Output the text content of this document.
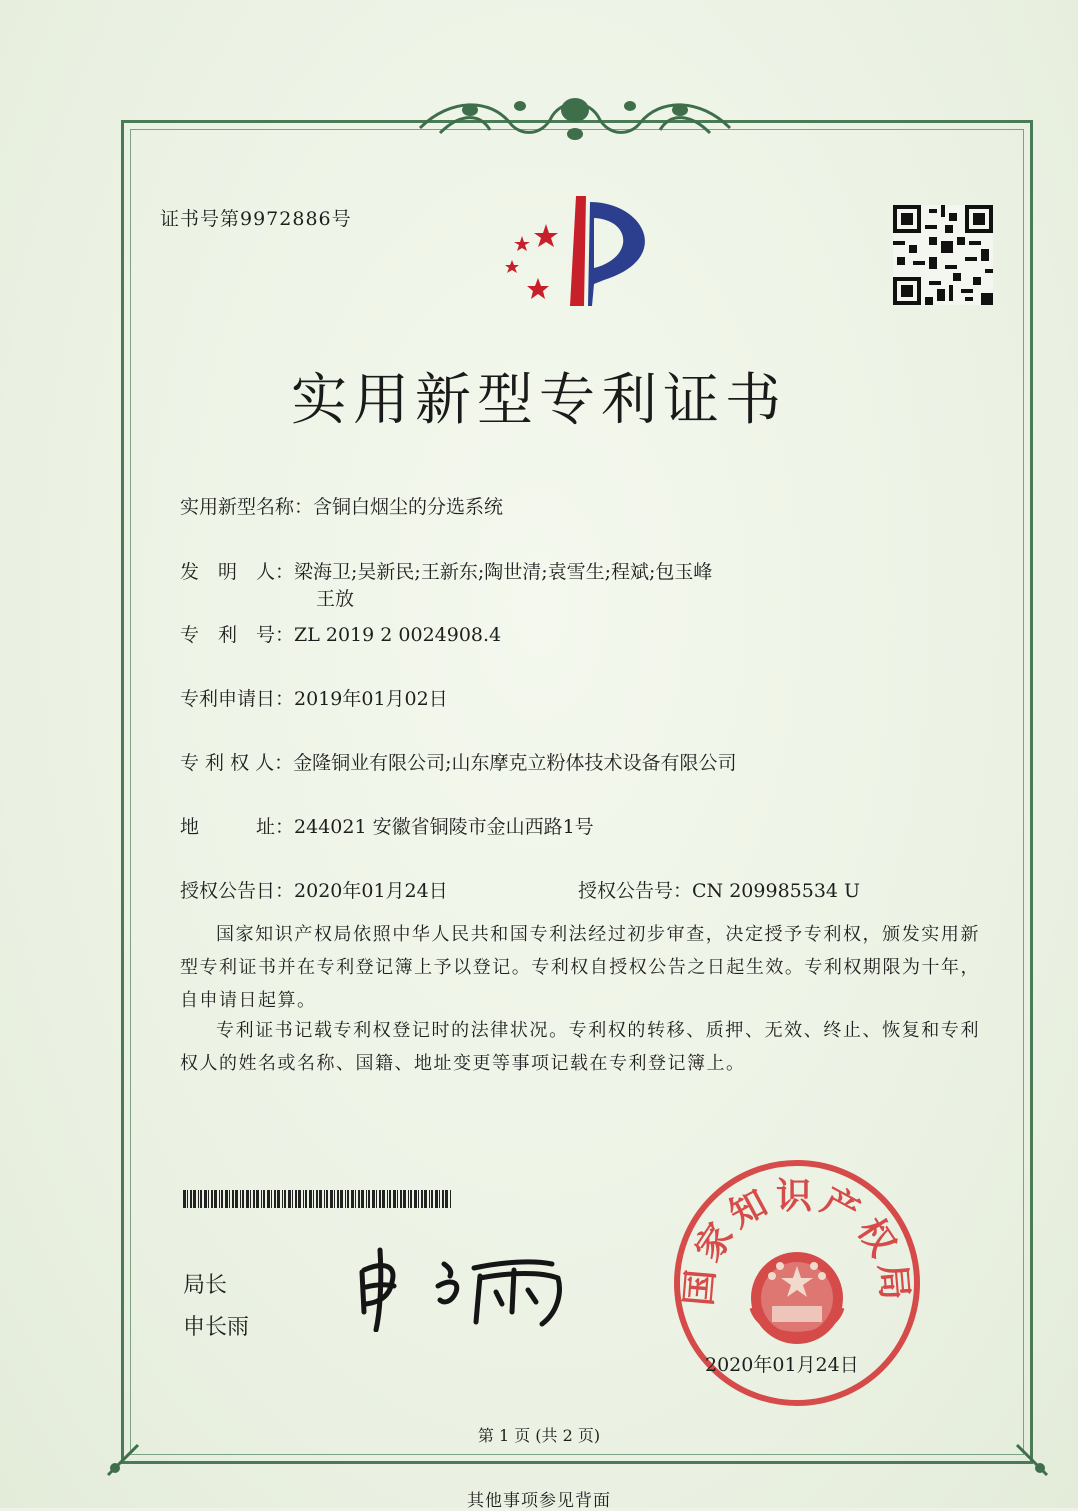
证书号第9972886号
实用新型专利证书
实用新型名称：含铜白烟尘的分选系统
发　明　人：梁海卫;吴新民;王新东;陶世清;袁雪生;程斌;包玉峰
王放
专　利　号：ZL 2019 2 0024908.4
专利申请日：2019年01月02日
专 利 权 人：金隆铜业有限公司;山东摩克立粉体技术设备有限公司
地　　　址：244021 安徽省铜陵市金山西路1号
授权公告日：2020年01月24日	授权公告号：CN 209985534 U
国家知识产权局依照中华人民共和国专利法经过初步审查，决定授予专利权，颁发实用新型专利证书并在专利登记簿上予以登记。专利权自授权公告之日起生效。专利权期限为十年，自申请日起算。
专利证书记载专利权登记时的法律状况。专利权的转移、质押、无效、终止、恢复和专利权人的姓名或名称、国籍、地址变更等事项记载在专利登记簿上。
局长
申长雨
国家知识产权局
2020年01月24日
第 1 页 (共 2 页)
其他事项参见背面
